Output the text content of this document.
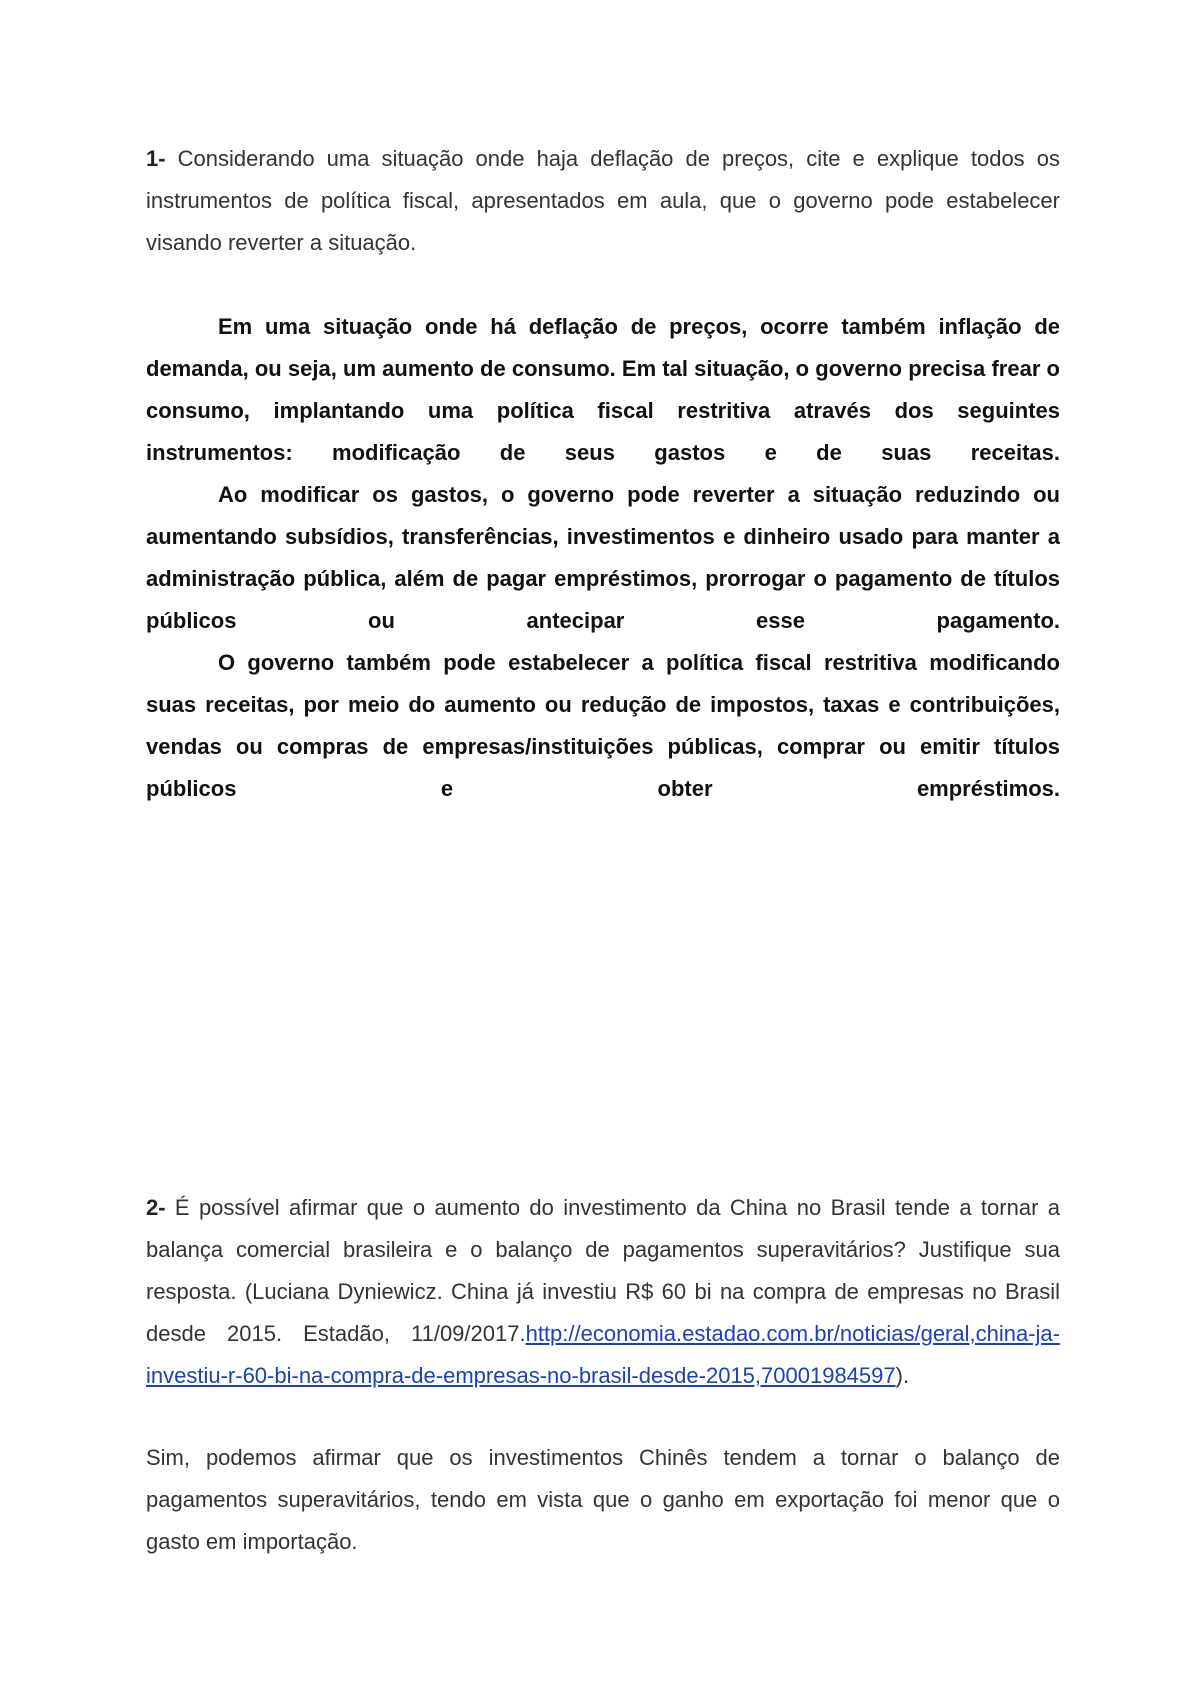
1- Considerando uma situação onde haja deflação de preços, cite e explique todos os instrumentos de política fiscal, apresentados em aula, que o governo pode estabelecer visando reverter a situação.

Em uma situação onde há deflação de preços, ocorre também inflação de demanda, ou seja, um aumento de consumo. Em tal situação, o governo precisa frear o consumo, implantando uma política fiscal restritiva através dos seguintes instrumentos: modificação de seus gastos e de suas receitas.

Ao modificar os gastos, o governo pode reverter a situação reduzindo ou aumentando subsídios, transferências, investimentos e dinheiro usado para manter a administração pública, além de pagar empréstimos, prorrogar o pagamento de títulos públicos ou antecipar esse pagamento.

O governo também pode estabelecer a política fiscal restritiva modificando suas receitas, por meio do aumento ou redução de impostos, taxas e contribuições, vendas ou compras de empresas/instituições públicas, comprar ou emitir títulos públicos e obter empréstimos.

2- É possível afirmar que o aumento do investimento da China no Brasil tende a tornar a balança comercial brasileira e o balanço de pagamentos superavitários? Justifique sua resposta. (Luciana Dyniewicz. China já investiu R$ 60 bi na compra de empresas no Brasil desde 2015. Estadão, 11/09/2017.http://economia.estadao.com.br/noticias/geral,china-ja-investiu-r-60-bi-na-compra-de-empresas-no-brasil-desde-2015,70001984597).
Sim, podemos afirmar que os investimentos Chinês tendem a tornar o balanço de pagamentos superavitários, tendo em vista que o ganho em exportação foi menor que o gasto em importação.
